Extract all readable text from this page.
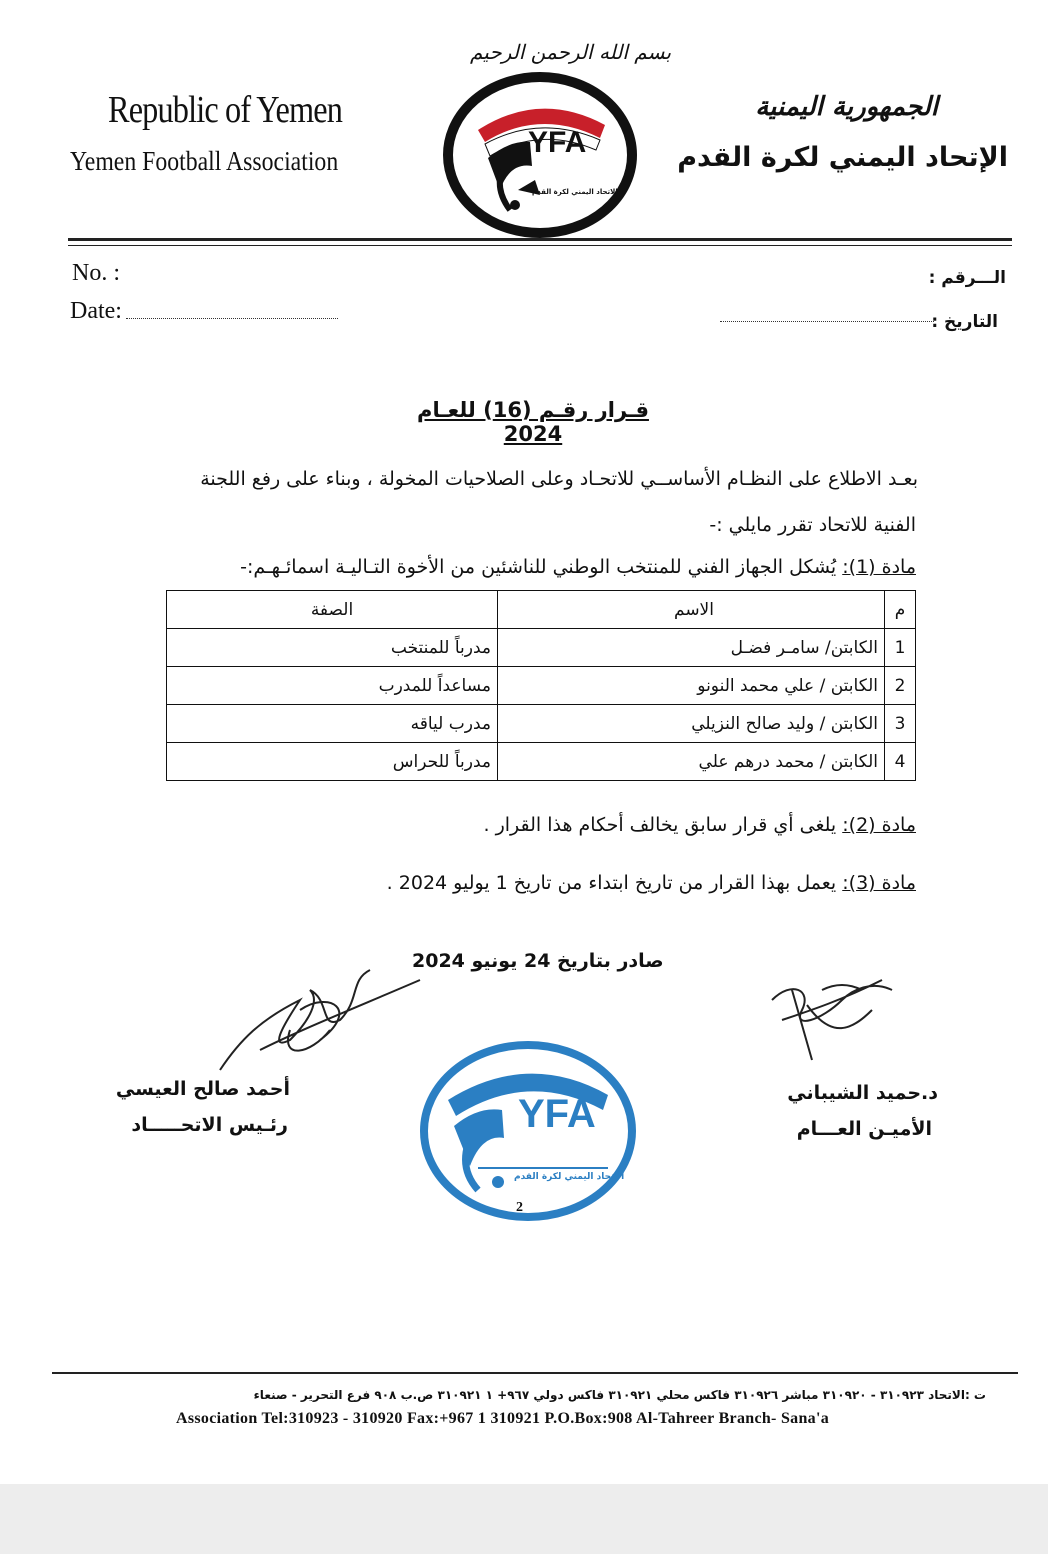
Republic of Yemen
Yemen Football Association
الجمهورية اليمنية
الإتحاد اليمني لكرة القدم
بسم الله الرحمن الرحيم
YFA
الاتحاد اليمني لكرة القدم
No. :
Date:
الـــرقم :
التاريخ :
قـرار رقـم (16) للعـام 2024
بعـد الاطلاع على النظـام الأساســي للاتحـاد وعلى الصلاحيات المخولة ، وبناء على رفع اللجنة
الفنية للاتحاد تقرر مايلي :-
مادة (1): يُشكل الجهاز الفني للمنتخب الوطني للناشئين من الأخوة التـاليـة اسمائـهـم:-
م	الاسم	الصفة
1	الكابتن/ سامـر فضـل	مدرباً للمنتخب
2	الكابتن / علي محمد النونو	مساعداً للمدرب
3	الكابتن / وليد صالح النزيلي	مدرب لياقه
4	الكابتن / محمد درهم علي	مدرباً للحراس
مادة (2): يلغى أي قرار سابق يخالف أحكام هذا القرار .
مادة (3): يعمل بهذا القرار من تاريخ ابتداء من تاريخ 1 يوليو 2024 .
صادر بتاريخ 24 يونيو 2024
أحمد صالح العيسي
رئـيس الاتحـــــاد
د.حميد الشيباني
الأميـن العـــام
YFA
الاتحاد اليمني لكرة القدم
2
ت :الاتحاد ٣١٠٩٢٣ - ٣١٠٩٢٠ مباشر ٣١٠٩٢٦ فاكس محلي ٣١٠٩٢١ فاكس دولي ٩٦٧+ ١ ٣١٠٩٢١ ص.ب ٩٠٨ فرع التحرير - صنعاء
Association Tel:310923 - 310920 Fax:+967 1 310921 P.O.Box:908 Al-Tahreer Branch- Sana'a
